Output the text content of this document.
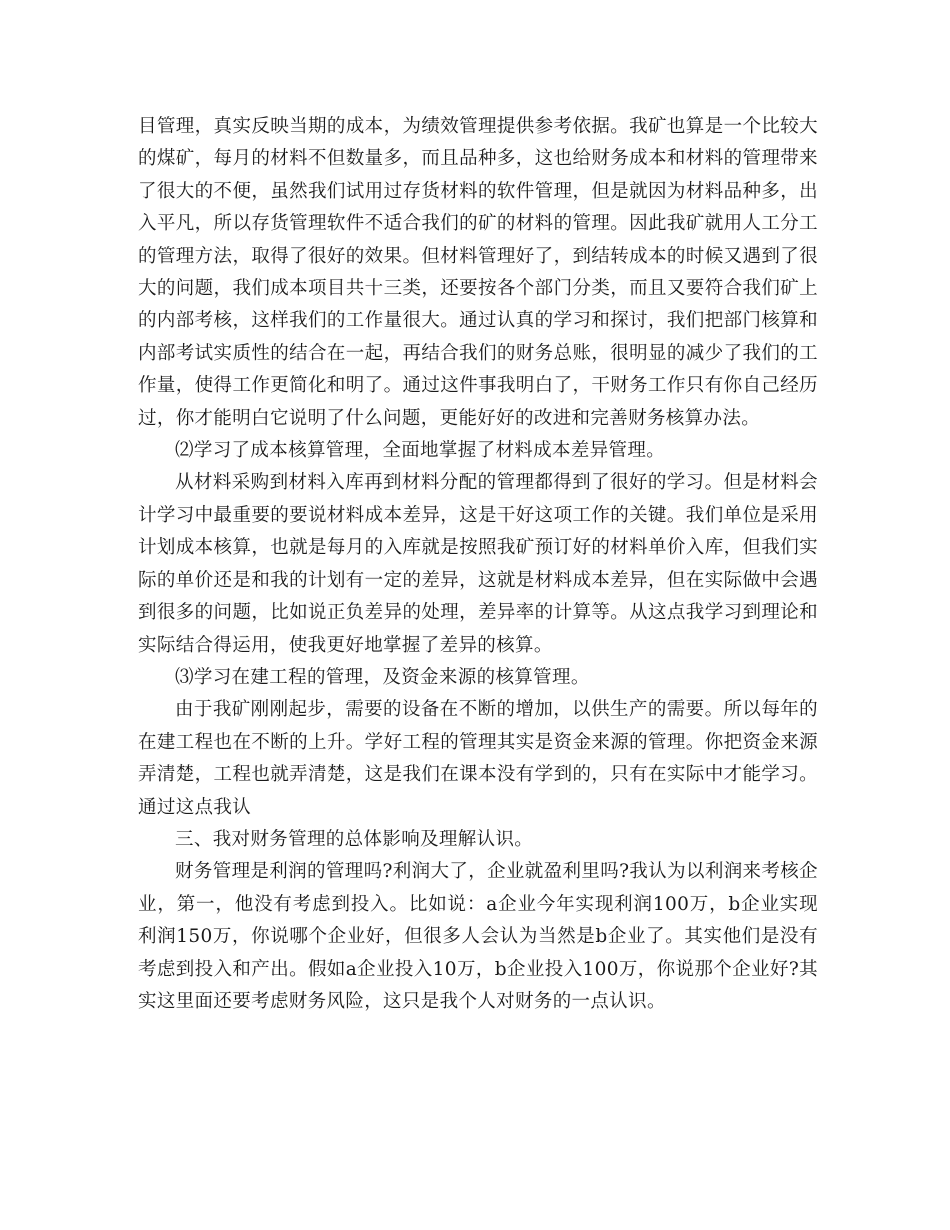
目管理，真实反映当期的成本，为绩效管理提供参考依据。我矿也算是一个比较大的煤矿，每月的材料不但数量多，而且品种多，这也给财务成本和材料的管理带来了很大的不便，虽然我们试用过存货材料的软件管理，但是就因为材料品种多，出入平凡，所以存货管理软件不适合我们的矿的材料的管理。因此我矿就用人工分工的管理方法，取得了很好的效果。但材料管理好了，到结转成本的时候又遇到了很大的问题，我们成本项目共十三类，还要按各个部门分类，而且又要符合我们矿上的内部考核，这样我们的工作量很大。通过认真的学习和探讨，我们把部门核算和内部考试实质性的结合在一起，再结合我们的财务总账，很明显的减少了我们的工作量，使得工作更简化和明了。通过这件事我明白了，干财务工作只有你自己经历过，你才能明白它说明了什么问题，更能好好的改进和完善财务核算办法。

⑵学习了成本核算管理，全面地掌握了材料成本差异管理。

从材料采购到材料入库再到材料分配的管理都得到了很好的学习。但是材料会计学习中最重要的要说材料成本差异，这是干好这项工作的关键。我们单位是采用计划成本核算，也就是每月的入库就是按照我矿预订好的材料单价入库，但我们实际的单价还是和我的计划有一定的差异，这就是材料成本差异，但在实际做中会遇到很多的问题，比如说正负差异的处理，差异率的计算等。从这点我学习到理论和实际结合得运用，使我更好地掌握了差异的核算。

⑶学习在建工程的管理，及资金来源的核算管理。

由于我矿刚刚起步，需要的设备在不断的增加，以供生产的需要。所以每年的在建工程也在不断的上升。学好工程的管理其实是资金来源的管理。你把资金来源弄清楚，工程也就弄清楚，这是我们在课本没有学到的，只有在实际中才能学习。通过这点我认

三、我对财务管理的总体影响及理解认识。

财务管理是利润的管理吗?利润大了，企业就盈利里吗?我认为以利润来考核企业，第一，他没有考虑到投入。比如说：a企业今年实现利润100万，b企业实现利润150万，你说哪个企业好，但很多人会认为当然是b企业了。其实他们是没有考虑到投入和产出。假如a企业投入10万，b企业投入100万，你说那个企业好?其实这里面还要考虑财务风险，这只是我个人对财务的一点认识。
